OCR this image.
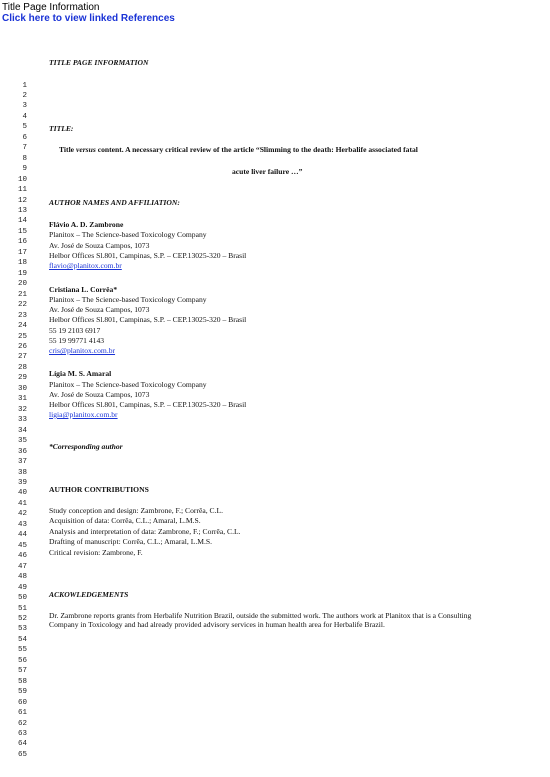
Title Page Information
Click here to view linked References
1
2
3
4
5
6
7
8
9
10
11
12
13
14
15
16
17
18
19
20
21
22
23
24
25
26
27
28
29
30
31
32
33
34
35
36
37
38
39
40
41
42
43
44
45
46
47
48
49
50
51
52
53
54
55
56
57
58
59
60
61
62
63
64
65
TITLE PAGE INFORMATION
TITLE:
Title versus content. A necessary critical review of the article “Slimming to the death: Herbalife associated fatal
acute liver failure …”
AUTHOR NAMES AND AFFILIATION:
Flávio A. D. Zambrone
Planitox – The Science-based Toxicology Company
Av. José de Souza Campos, 1073
Helbor Offices Sl.801, Campinas, S.P. – CEP.13025-320 – Brasil
flavio@planitox.com.br
Cristiana L. Corrêa*
Planitox – The Science-based Toxicology Company
Av. José de Souza Campos, 1073
Helbor Offices Sl.801, Campinas, S.P. – CEP.13025-320 – Brasil
55 19 2103 6917
55 19 99771 4143
cris@planitox.com.br
Lígia M. S. Amaral
Planitox – The Science-based Toxicology Company
Av. José de Souza Campos, 1073
Helbor Offices Sl.801, Campinas, S.P. – CEP.13025-320 – Brasil
ligia@planitox.com.br
*Corresponding author
AUTHOR CONTRIBUTIONS
Study conception and design: Zambrone, F.; Corrêa, C.L.
Acquisition of data: Corrêa, C.L.; Amaral, L.M.S.
Analysis and interpretation of data: Zambrone, F.; Corrêa, C.L.
Drafting of manuscript: Corrêa, C.L.; Amaral, L.M.S.
Critical revision: Zambrone, F.
ACKOWLEDGEMENTS
Dr. Zambrone reports grants from Herbalife Nutrition Brazil, outside the submitted work. The authors work at Planitox that is a Consulting Company in Toxicology and had already provided advisory services in human health area for Herbalife Brazil.
